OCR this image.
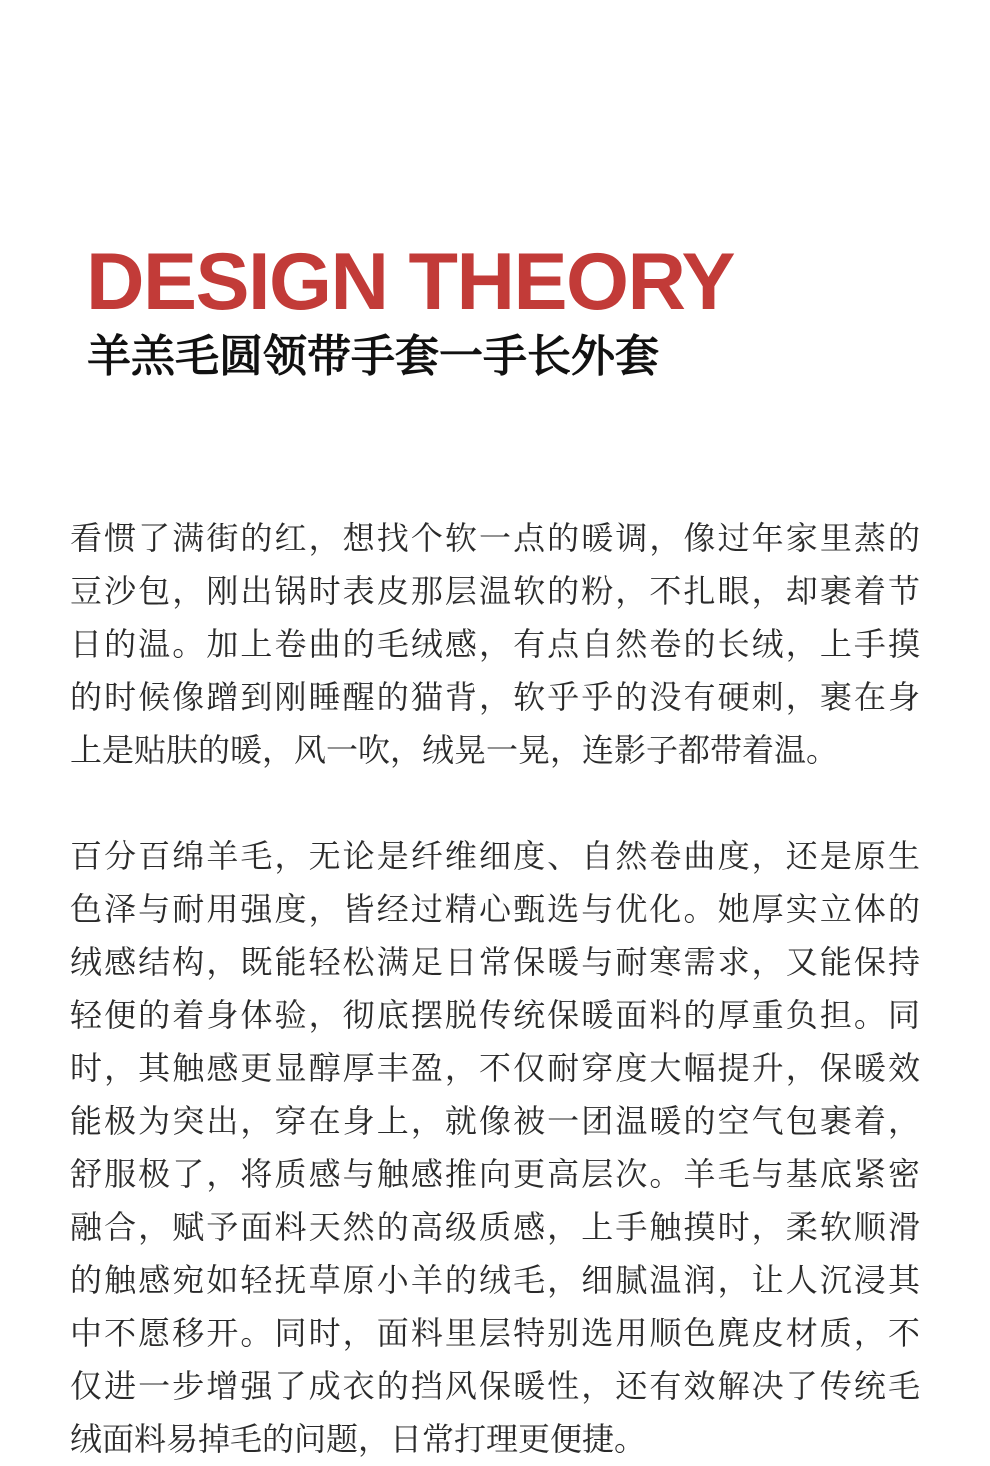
DESIGN THEORY
羊羔毛圆领带手套一手长外套
看惯了满街的红，想找个软一点的暖调，像过年家里蒸的
豆沙包，刚出锅时表皮那层温软的粉，不扎眼，却裹着节
日的温。加上卷曲的毛绒感，有点自然卷的长绒，上手摸
的时候像蹭到刚睡醒的猫背，软乎乎的没有硬刺，裹在身
上是贴肤的暖，风一吹，绒晃一晃，连影子都带着温。
百分百绵羊毛，无论是纤维细度、自然卷曲度，还是原生
色泽与耐用强度，皆经过精心甄选与优化。她厚实立体的
绒感结构，既能轻松满足日常保暖与耐寒需求，又能保持
轻便的着身体验，彻底摆脱传统保暖面料的厚重负担。同
时，其触感更显醇厚丰盈，不仅耐穿度大幅提升，保暖效
能极为突出，穿在身上，就像被一团温暖的空气包裹着，
舒服极了，将质感与触感推向更高层次。羊毛与基底紧密
融合，赋予面料天然的高级质感，上手触摸时，柔软顺滑
的触感宛如轻抚草原小羊的绒毛，细腻温润，让人沉浸其
中不愿移开。同时，面料里层特别选用顺色麂皮材质，不
仅进一步增强了成衣的挡风保暖性，还有效解决了传统毛
绒面料易掉毛的问题，日常打理更便捷。
